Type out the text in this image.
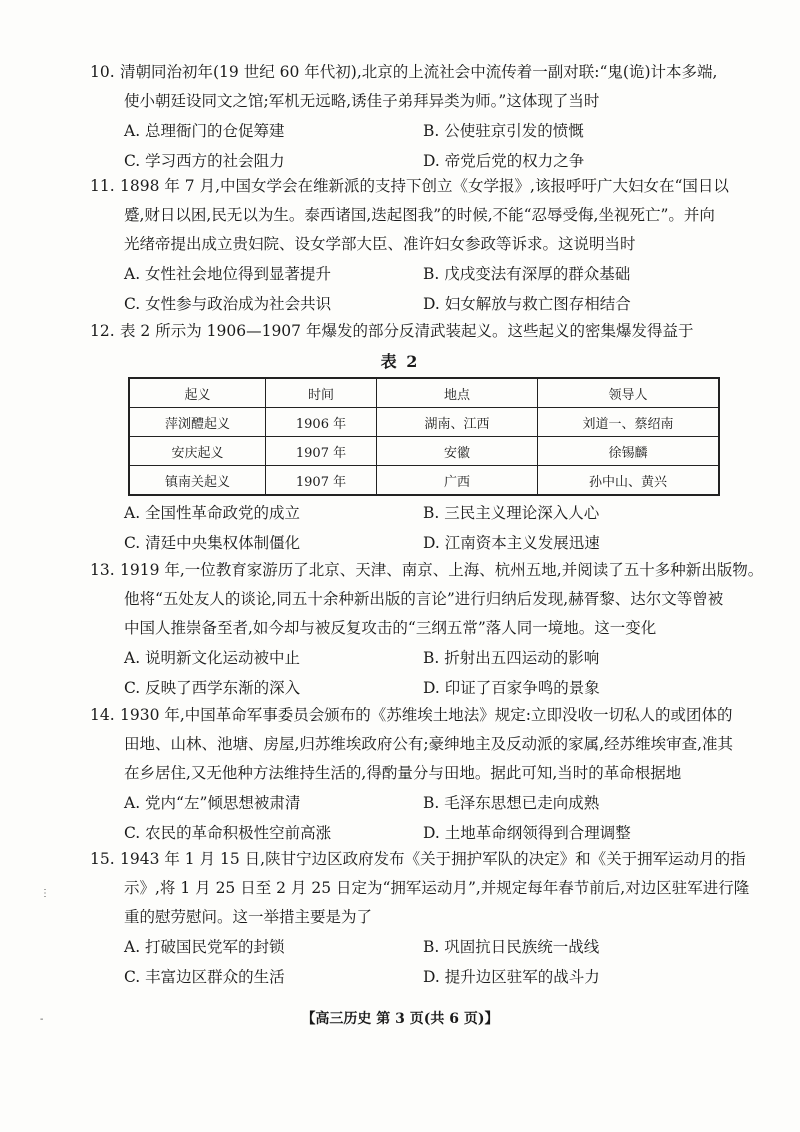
10. 清朝同治初年(19 世纪 60 年代初),北京的上流社会中流传着一副对联:“鬼(诡)计本多端,
使小朝廷设同文之馆;军机无远略,诱佳子弟拜异类为师。”这体现了当时
A. 总理衙门的仓促筹建	B. 公使驻京引发的愤慨
C. 学习西方的社会阻力	D. 帝党后党的权力之争
11. 1898 年 7 月,中国女学会在维新派的支持下创立《女学报》,该报呼吁广大妇女在“国日以
蹙,财日以困,民无以为生。泰西诸国,迭起图我”的时候,不能“忍辱受侮,坐视死亡”。并向
光绪帝提出成立贵妇院、设女学部大臣、准许妇女参政等诉求。这说明当时
A. 女性社会地位得到显著提升	B. 戊戌变法有深厚的群众基础
C. 女性参与政治成为社会共识	D. 妇女解放与救亡图存相结合
12. 表 2 所示为 1906—1907 年爆发的部分反清武装起义。这些起义的密集爆发得益于
表 2
起义	时间	地点	领导人
萍浏醴起义	1906 年	湖南、江西	刘道一、蔡绍南
安庆起义	1907 年	安徽	徐锡麟
镇南关起义	1907 年	广西	孙中山、黄兴
A. 全国性革命政党的成立	B. 三民主义理论深入人心
C. 清廷中央集权体制僵化	D. 江南资本主义发展迅速
13. 1919 年,一位教育家游历了北京、天津、南京、上海、杭州五地,并阅读了五十多种新出版物。
他将“五处友人的谈论,同五十余种新出版的言论”进行归纳后发现,赫胥黎、达尔文等曾被
中国人推崇备至者,如今却与被反复攻击的“三纲五常”落人同一境地。这一变化
A. 说明新文化运动被中止	B. 折射出五四运动的影响
C. 反映了西学东渐的深入	D. 印证了百家争鸣的景象
14. 1930 年,中国革命军事委员会颁布的《苏维埃土地法》规定:立即没收一切私人的或团体的
田地、山林、池塘、房屋,归苏维埃政府公有;豪绅地主及反动派的家属,经苏维埃审查,准其
在乡居住,又无他种方法维持生活的,得酌量分与田地。据此可知,当时的革命根据地
A. 党内“左”倾思想被肃清	B. 毛泽东思想已走向成熟
C. 农民的革命积极性空前高涨	D. 土地革命纲领得到合理调整
15. 1943 年 1 月 15 日,陕甘宁边区政府发布《关于拥护军队的决定》和《关于拥军运动月的指
示》,将 1 月 25 日至 2 月 25 日定为“拥军运动月”,并规定每年春节前后,对边区驻军进行隆
重的慰劳慰问。这一举措主要是为了
A. 打破国民党军的封锁	B. 巩固抗日民族统一战线
C. 丰富边区群众的生活	D. 提升边区驻军的战斗力
⋮
-	【高三历史 第 3 页(共 6 页)】
